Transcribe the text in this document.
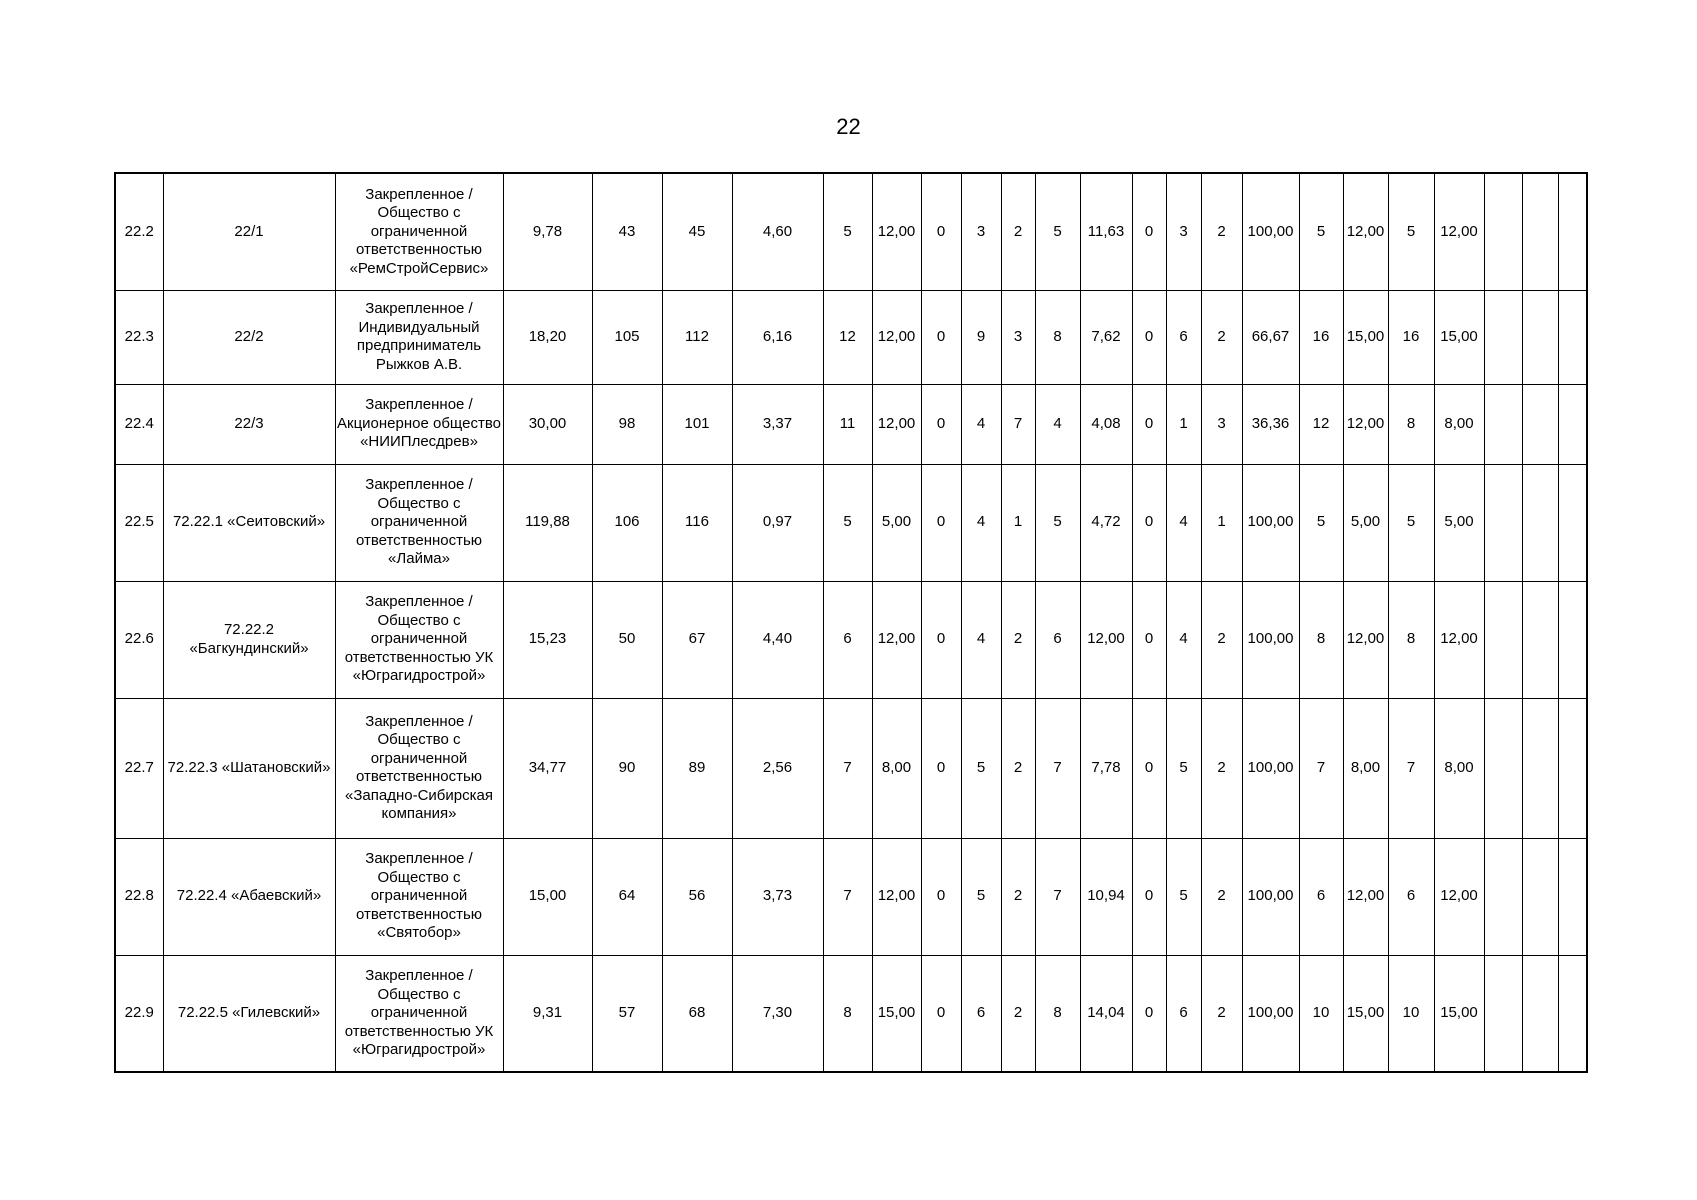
22
22.2	22/1	Закрепленное / Общество с ограниченной ответственностью «РемСтройСервис»	9,78	43	45	4,60	5	12,00	0	3	2	5	11,63	0	3	2	100,00	5	12,00	5	12,00			
22.3	22/2	Закрепленное / Индивидуальный предприниматель Рыжков А.В.	18,20	105	112	6,16	12	12,00	0	9	3	8	7,62	0	6	2	66,67	16	15,00	16	15,00			
22.4	22/3	Закрепленное / Акционерное общество «НИИПлесдрев»	30,00	98	101	3,37	11	12,00	0	4	7	4	4,08	0	1	3	36,36	12	12,00	8	8,00			
22.5	72.22.1 «Сеитовский»	Закрепленное / Общество с ограниченной ответственностью «Лайма»	119,88	106	116	0,97	5	5,00	0	4	1	5	4,72	0	4	1	100,00	5	5,00	5	5,00			
22.6	72.22.2 «Багкундинский»	Закрепленное / Общество с ограниченной ответственностью УК «Юграгидрострой»	15,23	50	67	4,40	6	12,00	0	4	2	6	12,00	0	4	2	100,00	8	12,00	8	12,00			
22.7	72.22.3 «Шатановский»	Закрепленное / Общество с ограниченной ответственностью «Западно-Сибирская компания»	34,77	90	89	2,56	7	8,00	0	5	2	7	7,78	0	5	2	100,00	7	8,00	7	8,00			
22.8	72.22.4 «Абаевский»	Закрепленное / Общество с ограниченной ответственностью «Святобор»	15,00	64	56	3,73	7	12,00	0	5	2	7	10,94	0	5	2	100,00	6	12,00	6	12,00			
22.9	72.22.5 «Гилевский»	Закрепленное / Общество с ограниченной ответственностью УК «Юграгидрострой»	9,31	57	68	7,30	8	15,00	0	6	2	8	14,04	0	6	2	100,00	10	15,00	10	15,00			
